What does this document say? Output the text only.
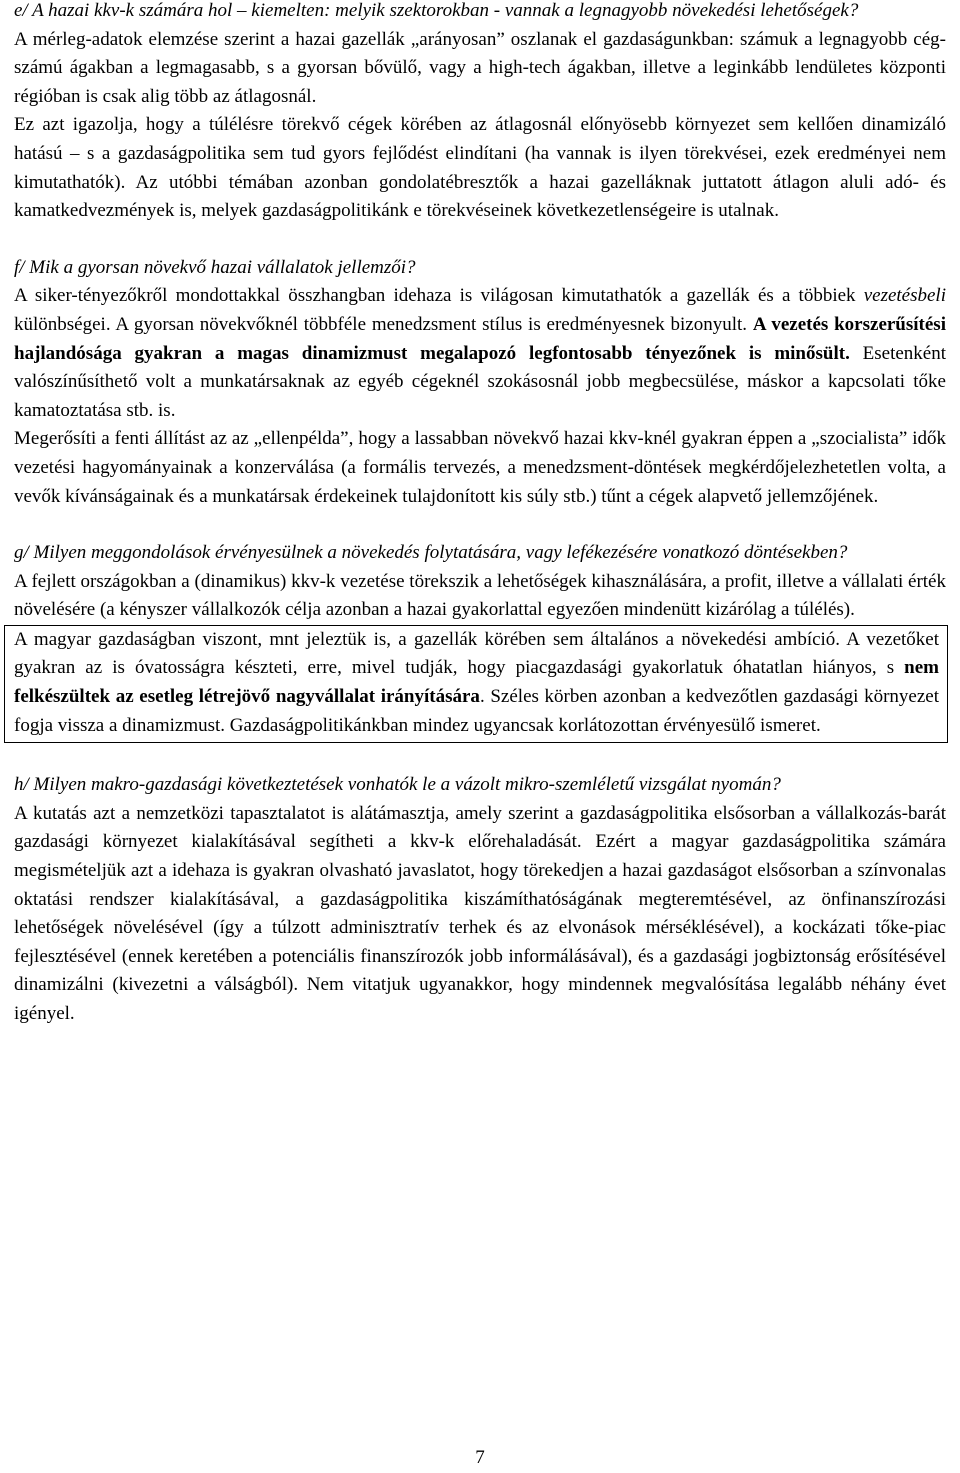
e/ A hazai kkv-k számára hol – kiemelten: melyik szektorokban - vannak a legnagyobb növekedési lehetőségek?

A mérleg-adatok elemzése szerint a hazai gazellák „arányosan” oszlanak el gazdaságunkban: számuk a legnagyobb cég-számú ágakban a legmagasabb, s a gyorsan bővülő, vagy a high-tech ágakban, illetve a leginkább lendületes központi régióban is csak alig több az átlagosnál.

Ez azt igazolja, hogy a túlélésre törekvő cégek körében az átlagosnál előnyösebb környezet sem kellően dinamizáló hatású – s a gazdaságpolitika sem tud gyors fejlődést elindítani (ha vannak is ilyen törekvései, ezek eredményei nem kimutathatók). Az utóbbi témában azonban gondolatébresztők a hazai gazelláknak juttatott átlagon aluli adó- és kamatkedvezmények is, melyek gazdaságpolitikánk e törekvéseinek következetlenségeire is utalnak.

f/ Mik a gyorsan növekvő hazai vállalatok jellemzői?

A siker-tényezőkről mondottakkal összhangban idehaza is világosan kimutathatók a gazellák és a többiek vezetésbeli különbségei. A gyorsan növekvőknél többféle menedzsment stílus is eredményesnek bizonyult. A vezetés korszerűsítési hajlandósága gyakran a magas dinamizmust megalapozó legfontosabb tényezőnek is minősült. Esetenként valószínűsíthető volt a munkatársaknak az egyéb cégeknél szokásosnál jobb megbecsülése, máskor a kapcsolati tőke kamatoztatása stb. is.

Megerősíti a fenti állítást az az „ellenpélda”, hogy a lassabban növekvő hazai kkv-knél gyakran éppen a „szocialista” idők vezetési hagyományainak a konzerválása (a formális tervezés, a menedzsment-döntések megkérdőjelezhetetlen volta, a vevők kívánságainak és a munkatársak érdekeinek tulajdonított kis súly stb.) tűnt a cégek alapvető jellemzőjének.

g/ Milyen meggondolások érvényesülnek a növekedés folytatására, vagy lefékezésére vonatkozó döntésekben?

A fejlett országokban a (dinamikus) kkv-k vezetése törekszik a lehetőségek kihasználására, a profit, illetve a vállalati érték növelésére (a kényszer vállalkozók célja azonban a hazai gyakorlattal egyezően mindenütt kizárólag a túlélés).

A magyar gazdaságban viszont, mnt jeleztük is, a gazellák körében sem általános a növekedési ambíció. A vezetőket gyakran az is óvatosságra készteti, erre, mivel tudják, hogy piacgazdasági gyakorlatuk óhatatlan hiányos, s nem felkészültek az esetleg létrejövő nagyvállalat irányítására. Széles körben azonban a kedvezőtlen gazdasági környezet fogja vissza a dinamizmust. Gazdaságpolitikánkban mindez ugyancsak korlátozottan érvényesülő ismeret.

h/ Milyen makro-gazdasági következtetések vonhatók le a vázolt mikro-szemléletű vizsgálat nyomán?

A kutatás azt a nemzetközi tapasztalatot is alátámasztja, amely szerint a gazdaságpolitika elsősorban a vállalkozás-barát gazdasági környezet kialakításával segítheti a kkv-k előrehaladását. Ezért a magyar gazdaságpolitika számára megismételjük azt a idehaza is gyakran olvasható javaslatot, hogy törekedjen a hazai gazdaságot elsősorban a színvonalas oktatási rendszer kialakításával, a gazdaságpolitika kiszámíthatóságának megteremtésével, az önfinanszírozási lehetőségek növelésével (így a túlzott adminisztratív terhek és az elvonások mérséklésével), a kockázati tőke-piac fejlesztésével (ennek keretében a potenciális finanszírozók jobb informálásával), és a gazdasági jogbiztonság erősítésével dinamizálni (kivezetni a válságból). Nem vitatjuk ugyanakkor, hogy mindennek megvalósítása legalább néhány évet igényel.

7
